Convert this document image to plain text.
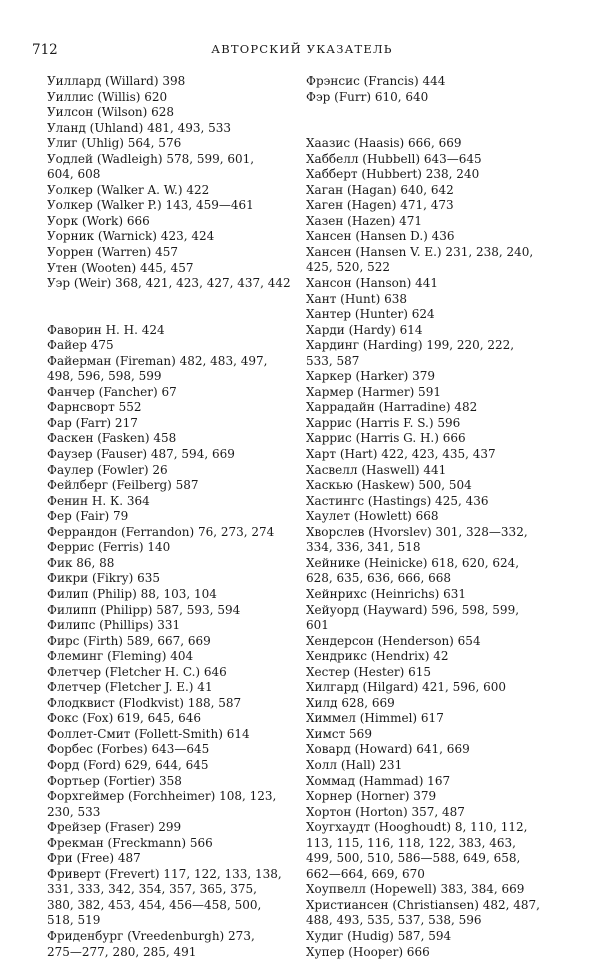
712	АВТОРСКИЙ УКАЗАТЕЛЬ
Уиллард (Willard) 398
Уиллис (Willis) 620
Уилсон (Wilson) 628
Уланд (Uhland) 481, 493, 533
Улиг (Uhlig) 564, 576
Уодлей (Wadleigh) 578, 599, 601,
604, 608
Уолкер (Walker A. W.) 422
Уолкер (Walker P.) 143, 459—461
Уорк (Work) 666
Уорник (Warnick) 423, 424
Уоррен (Warren) 457
Утен (Wooten) 445, 457
Уэр (Weir) 368, 421, 423, 427, 437, 442
Фаворин Н. Н. 424
Файер 475
Файерман (Fireman) 482, 483, 497,
498, 596, 598, 599
Фанчер (Fancher) 67
Фарнсворт 552
Фар (Farr) 217
Фаскен (Fasken) 458
Фаузер (Fauser) 487, 594, 669
Фаулер (Fowler) 26
Фейлберг (Feilberg) 587
Фенин Н. К. 364
Фер (Fair) 79
Феррандон (Ferrandon) 76, 273, 274
Феррис (Ferris) 140
Фик 86, 88
Фикри (Fikry) 635
Филип (Philip) 88, 103, 104
Филипп (Philipp) 587, 593, 594
Филипс (Phillips) 331
Фирс (Firth) 589, 667, 669
Флеминг (Fleming) 404
Флетчер (Fletcher H. C.) 646
Флетчер (Fletcher J. E.) 41
Флодквист (Flodkvist) 188, 587
Фокс (Fox) 619, 645, 646
Фоллет-Смит (Follett-Smith) 614
Форбес (Forbes) 643—645
Форд (Ford) 629, 644, 645
Фортьер (Fortier) 358
Форхгеймер (Forchheimer) 108, 123,
230, 533
Фрейзер (Fraser) 299
Фрекман (Freckmann) 566
Фри (Free) 487
Фриверт (Frevert) 117, 122, 133, 138,
331, 333, 342, 354, 357, 365, 375,
380, 382, 453, 454, 456—458, 500,
518, 519
Фриденбург (Vreedenburgh) 273,
275—277, 280, 285, 491
Фрэнсис (Francis) 444
Фэр (Furr) 610, 640
Хаазис (Haasis) 666, 669
Хаббелл (Hubbell) 643—645
Хабберт (Hubbert) 238, 240
Хаган (Hagan) 640, 642
Хаген (Hagen) 471, 473
Хазен (Hazen) 471
Хансен (Hansen D.) 436
Хансен (Hansen V. E.) 231, 238, 240,
425, 520, 522
Хансон (Hanson) 441
Хант (Hunt) 638
Хантер (Hunter) 624
Харди (Hardy) 614
Хардинг (Harding) 199, 220, 222,
533, 587
Харкер (Harker) 379
Хармер (Harmer) 591
Харрадайн (Harradine) 482
Харрис (Harris F. S.) 596
Харрис (Harris G. H.) 666
Харт (Hart) 422, 423, 435, 437
Хасвелл (Haswell) 441
Хаскью (Haskew) 500, 504
Хастингс (Hastings) 425, 436
Хаулет (Howlett) 668
Хворслев (Hvorslev) 301, 328—332,
334, 336, 341, 518
Хейнике (Heinicke) 618, 620, 624,
628, 635, 636, 666, 668
Хейнрихс (Heinrichs) 631
Хейуорд (Hayward) 596, 598, 599,
601
Хендерсон (Henderson) 654
Хендрикс (Hendrix) 42
Хестер (Hester) 615
Хилгард (Hilgard) 421, 596, 600
Хилд 628, 669
Химмел (Himmel) 617
Химст 569
Ховард (Howard) 641, 669
Холл (Hall) 231
Хоммад (Hammad) 167
Хорнер (Horner) 379
Хортон (Horton) 357, 487
Хоугхаудт (Hooghoudt) 8, 110, 112,
113, 115, 116, 118, 122, 383, 463,
499, 500, 510, 586—588, 649, 658,
662—664, 669, 670
Хоупвелл (Hopewell) 383, 384, 669
Христиансен (Christiansen) 482, 487,
488, 493, 535, 537, 538, 596
Худиг (Hudig) 587, 594
Хупер (Hooper) 666
